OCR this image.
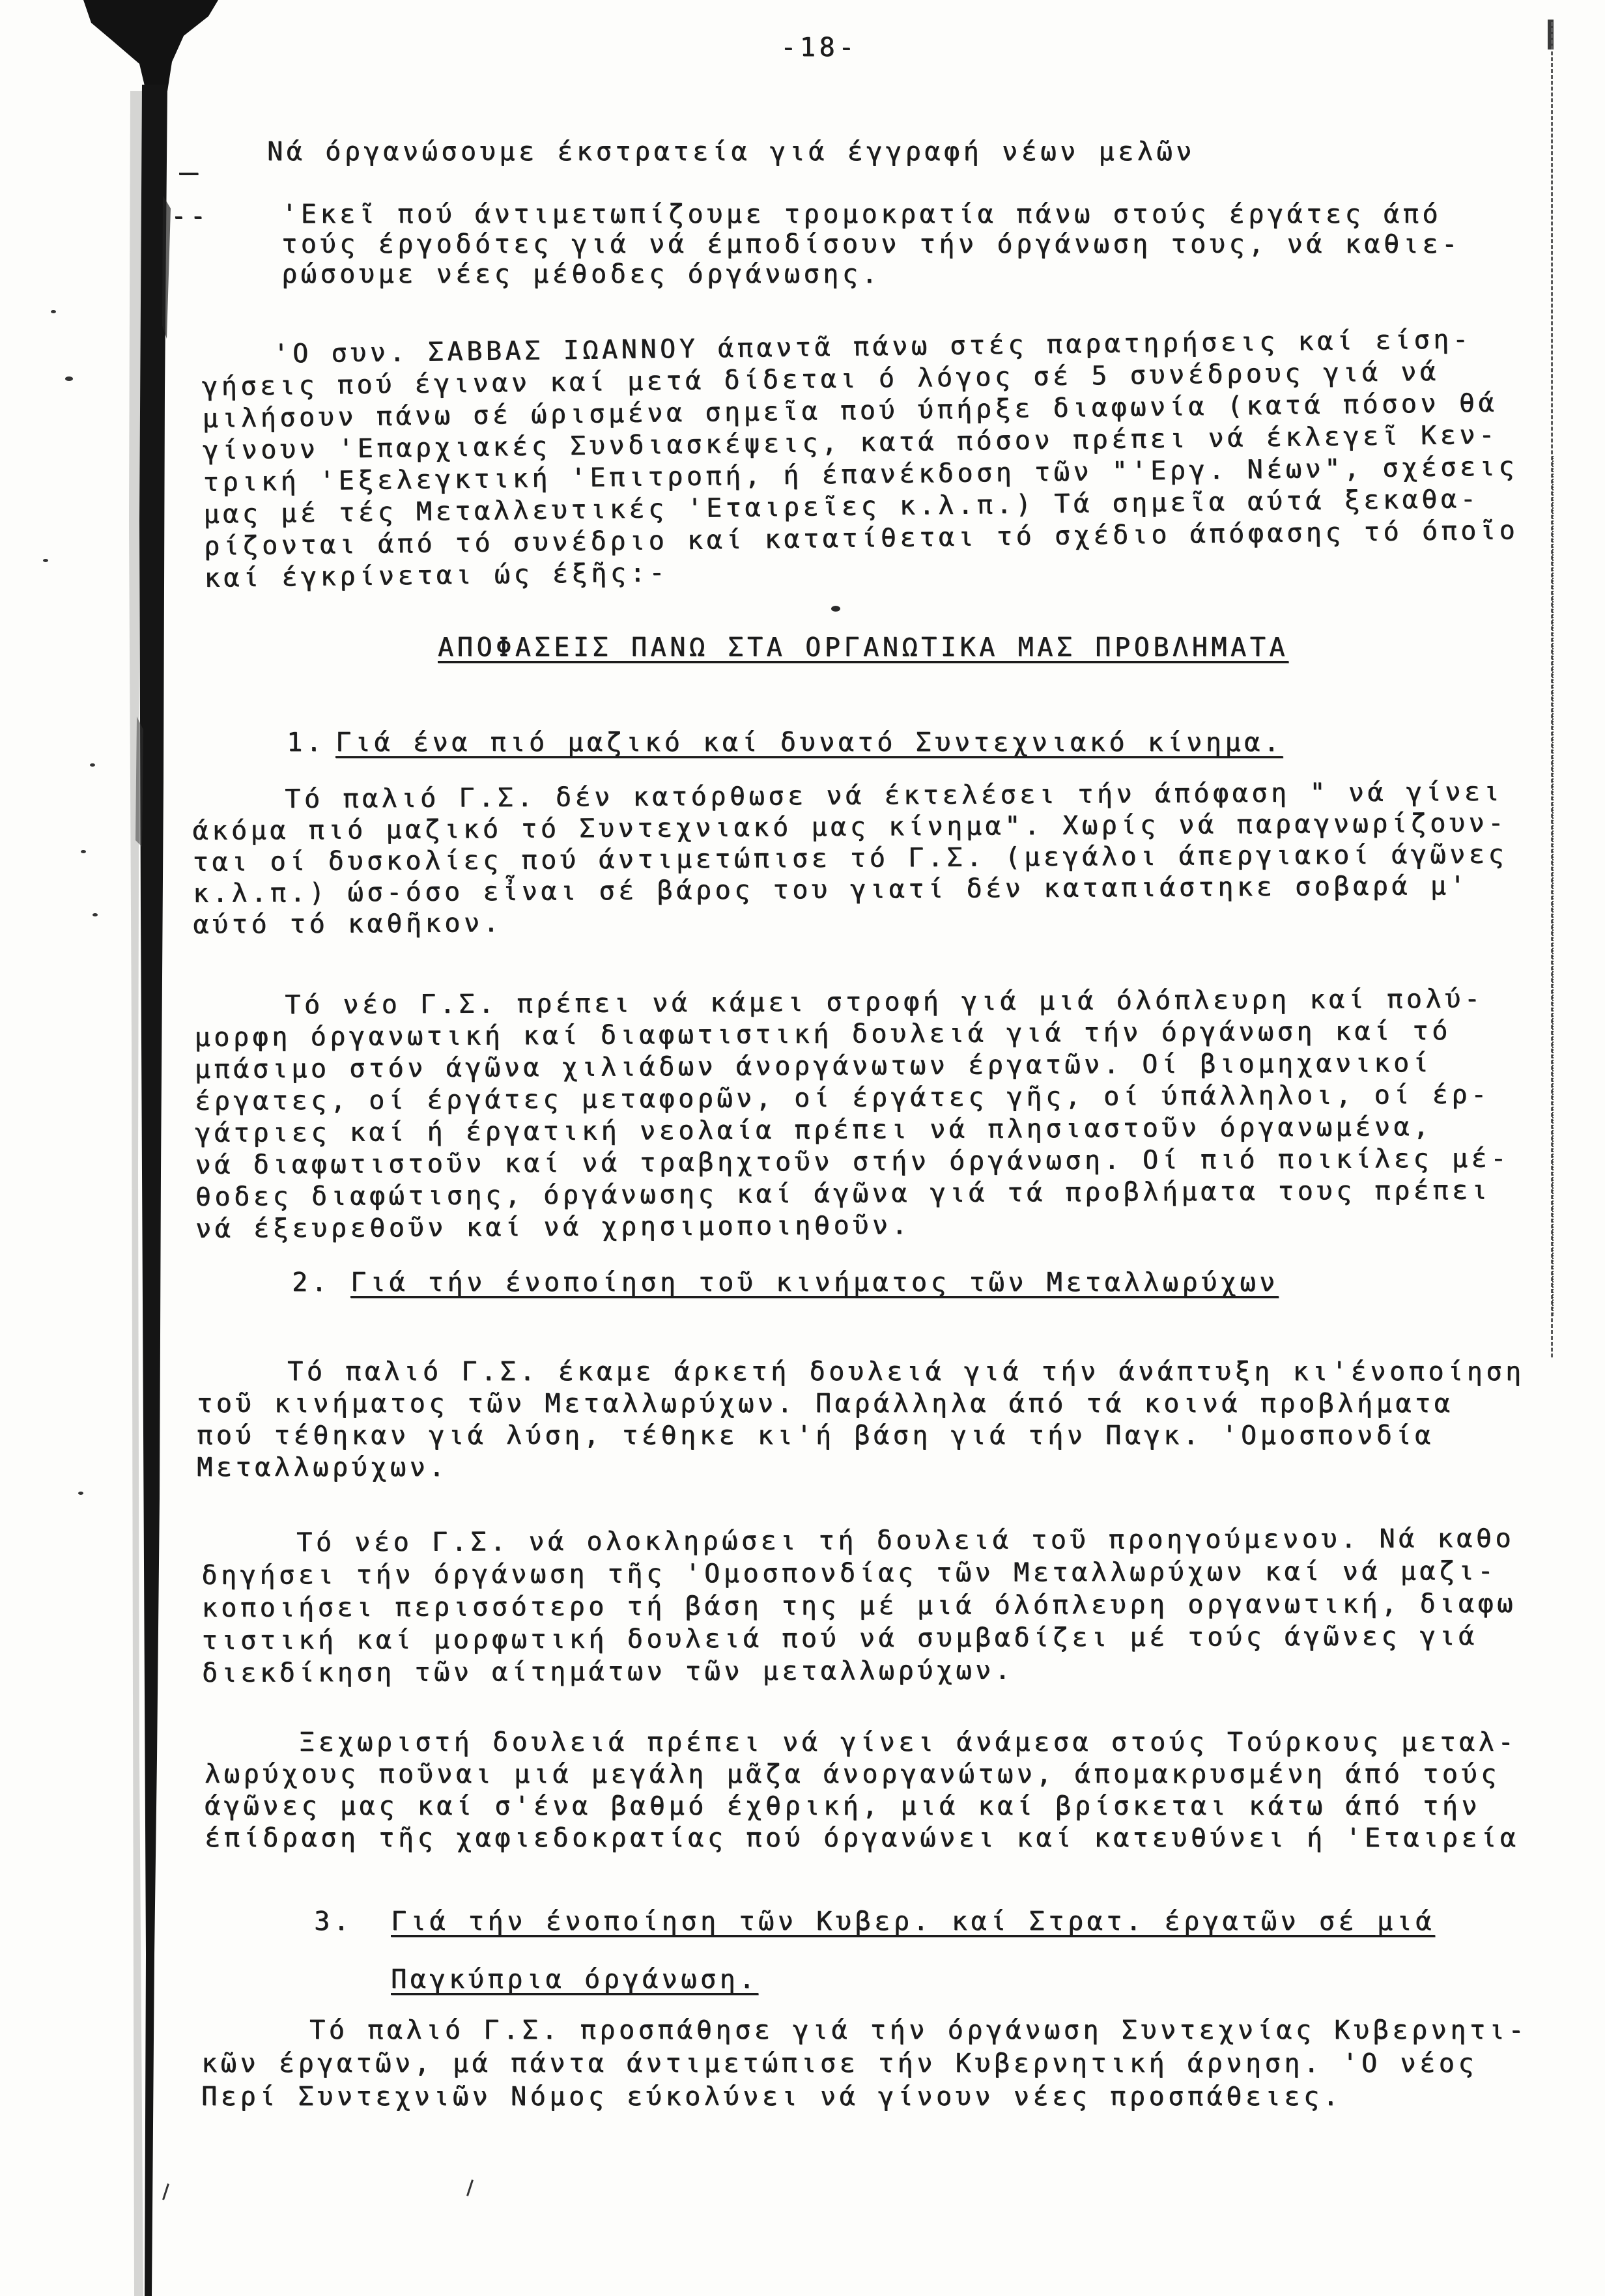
-18-
—
Νά όργανώσουμε έκστρατεία γιά έγγραφή νέων μελῶν
--	'Εκεῖ πού άντιμετωπίζουμε τρομοκρατία πάνω στούς έργάτες άπό
τούς έργοδότες γιά νά έμποδίσουν τήν όργάνωση τους, νά καθιε-
ρώσουμε νέες μέθοδες όργάνωσης.
'Ο συν. ΣΑΒΒΑΣ ΙΩΑΝΝΟΥ άπαντᾶ πάνω στές παρατηρήσεις καί είση-
γήσεις πού έγιναν καί μετά δίδεται ό λόγος σέ 5 συνέδρους γιά νά
μιλήσουν πάνω σέ ώρισμένα σημεῖα πού ύπήρξε διαφωνία (κατά πόσον θά
γίνουν 'Επαρχιακές Συνδιασκέψεις, κατά πόσον πρέπει νά έκλεγεῖ Κεν-
τρική 'Εξελεγκτική 'Επιτροπή, ή έπανέκδοση τῶν "'Εργ. Νέων", σχέσεις
μας μέ τές Μεταλλευτικές 'Εταιρεῖες κ.λ.π.) Τά σημεῖα αύτά ξεκαθα-
ρίζονται άπό τό συνέδριο καί κατατίθεται τό σχέδιο άπόφασης τό όποῖο
καί έγκρίνεται ώς έξῆς:-
ΑΠΟΦΑΣΕΙΣ ΠΑΝΩ ΣΤΑ ΟΡΓΑΝΩΤΙΚΑ ΜΑΣ ΠΡΟΒΛΗΜΑΤΑ
1. Γιά ένα πιό μαζικό καί δυνατό Συντεχνιακό κίνημα.
Τό παλιό Γ.Σ. δέν κατόρθωσε νά έκτελέσει τήν άπόφαση " νά γίνει
άκόμα πιό μαζικό τό Συντεχνιακό μας κίνημα". Χωρίς νά παραγνωρίζουν-
ται οί δυσκολίες πού άντιμετώπισε τό Γ.Σ. (μεγάλοι άπεργιακοί άγῶνες
κ.λ.π.) ώσ-όσο εἶναι σέ βάρος του γιατί δέν καταπιάστηκε σοβαρά μ'
αύτό τό καθῆκον.
Τό νέο Γ.Σ. πρέπει νά κάμει στροφή γιά μιά όλόπλευρη καί πολύ-
μορφη όργανωτική καί διαφωτιστική δουλειά γιά τήν όργάνωση καί τό
μπάσιμο στόν άγῶνα χιλιάδων άνοργάνωτων έργατῶν. Οί βιομηχανικοί
έργατες, οί έργάτες μεταφορῶν, οί έργάτες γῆς, οί ύπάλληλοι, οί έρ-
γάτριες καί ή έργατική νεολαία πρέπει νά πλησιαστοῦν όργανωμένα,
νά διαφωτιστοῦν καί νά τραβηχτοῦν στήν όργάνωση. Οί πιό ποικίλες μέ-
θοδες διαφώτισης, όργάνωσης καί άγῶνα γιά τά προβλήματα τους πρέπει
νά έξευρεθοῦν καί νά χρησιμοποιηθοῦν.
2. Γιά τήν ένοποίηση τοῦ κινήματος τῶν Μεταλλωρύχων
Τό παλιό Γ.Σ. έκαμε άρκετή δουλειά γιά τήν άνάπτυξη κι'ένοποίηση
τοῦ κινήματος τῶν Μεταλλωρύχων. Παράλληλα άπό τά κοινά προβλήματα
πού τέθηκαν γιά λύση, τέθηκε κι'ή βάση γιά τήν Παγκ. 'Ομοσπονδία
Μεταλλωρύχων.
Τό νέο Γ.Σ. νά ολοκληρώσει τή δουλειά τοῦ προηγούμενου. Νά καθο
δηγήσει τήν όργάνωση τῆς 'Ομοσπονδίας τῶν Μεταλλωρύχων καί νά μαζι-
κοποιήσει περισσότερο τή βάση της μέ μιά όλόπλευρη οργανωτική, διαφω
τιστική καί μορφωτική δουλειά πού νά συμβαδίζει μέ τούς άγῶνες γιά
διεκδίκηση τῶν αίτημάτων τῶν μεταλλωρύχων.
Ξεχωριστή δουλειά πρέπει νά γίνει άνάμεσα στούς Τούρκους μεταλ-
λωρύχους ποῦναι μιά μεγάλη μᾶζα άνοργανώτων, άπομακρυσμένη άπό τούς
άγῶνες μας καί σ'ένα βαθμό έχθρική, μιά καί βρίσκεται κάτω άπό τήν
έπίδραση τῆς χαφιεδοκρατίας πού όργανώνει καί κατευθύνει ή 'Εταιρεία
3. Γιά τήν ένοποίηση τῶν Κυβερ. καί Στρατ. έργατῶν σέ μιά
Παγκύπρια όργάνωση.
Τό παλιό Γ.Σ. προσπάθησε γιά τήν όργάνωση Συντεχνίας Κυβερνητι-
κῶν έργατῶν, μά πάντα άντιμετώπισε τήν Κυβερνητική άρνηση. 'Ο νέος
Περί Συντεχνιῶν Νόμος εύκολύνει νά γίνουν νέες προσπάθειες.
